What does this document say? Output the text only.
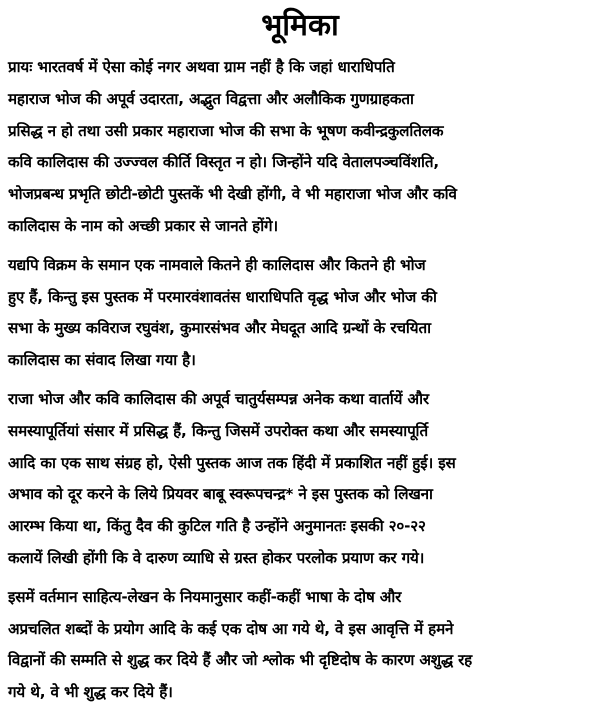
भूमिका
प्रायः भारतवर्ष में ऐसा कोई नगर अथवा ग्राम नहीं है कि जहां धाराधिपति
महाराज भोज की अपूर्व उदारता, अद्भुत विद्वत्ता और अलौकिक गुणग्राहकता
प्रसिद्ध न हो तथा उसी प्रकार महाराजा भोज की सभा के भूषण कवीन्द्रकुलतिलक
कवि कालिदास की उज्ज्वल कीर्ति विस्तृत न हो। जिन्होंने यदि वेतालपञ्चविंशति,
भोजप्रबन्ध प्रभृति छोटी-छोटी पुस्तकें भी देखी होंगी, वे भी महाराजा भोज और कवि
कालिदास के नाम को अच्छी प्रकार से जानते होंगे।
यद्यपि विक्रम के समान एक नामवाले कितने ही कालिदास और कितने ही भोज
हुए हैं, किन्तु इस पुस्तक में परमारवंशावतंस धाराधिपति वृद्ध भोज और भोज की
सभा के मुख्य कविराज रघुवंश, कुमारसंभव और मेघदूत आदि ग्रन्थों के रचयिता
कालिदास का संवाद लिखा गया है।
राजा भोज और कवि कालिदास की अपूर्व चातुर्यसम्पन्न अनेक कथा वार्तायें और
समस्यापूर्तियां संसार में प्रसिद्ध हैं, किन्तु जिसमें उपरोक्त कथा और समस्यापूर्ति
आदि का एक साथ संग्रह हो, ऐसी पुस्तक आज तक हिंदी में प्रकाशित नहीं हुई। इस
अभाव को दूर करने के लिये प्रियवर बाबू स्वरूपचन्द्र* ने इस पुस्तक को लिखना
आरम्भ किया था, किंतु दैव की कुटिल गति है उन्होंने अनुमानतः इसकी २०-२२
कलायें लिखी होंगी कि वे दारुण व्याधि से ग्रस्त होकर परलोक प्रयाण कर गये।
इसमें वर्तमान साहित्य-लेखन के नियमानुसार कहीं-कहीं भाषा के दोष और
अप्रचलित शब्दों के प्रयोग आदि के कई एक दोष आ गये थे, वे इस आवृत्ति में हमने
विद्वानों की सम्मति से शुद्ध कर दिये हैं और जो श्लोक भी दृष्टिदोष के कारण अशुद्ध रह
गये थे, वे भी शुद्ध कर दिये हैं।
